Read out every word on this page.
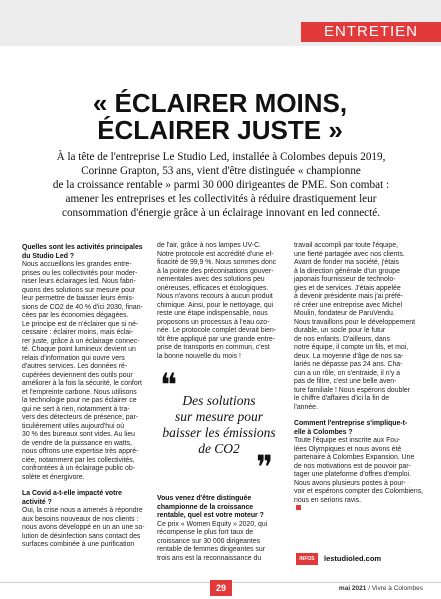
ENTRETIEN
« ÉCLAIRER MOINS,
ÉCLAIRER JUSTE »
À la tête de l'entreprise Le Studio Led, installée à Colombes depuis 2019,
Corinne Grapton, 53 ans, vient d'être distinguée « championne
de la croissance rentable » parmi 30 000 dirigeantes de PME. Son combat :
amener les entreprises et les collectivités à réduire drastiquement leur
consommation d'énergie grâce à un éclairage innovant en led connecté.
Quelles sont les activités principales
du Studio Led ?
Nous accueillons les grandes entre-
prises ou les collectivités pour moder-
niser leurs éclairages led. Nous fabri-
quons des solutions sur mesure pour
leur permettre de baisser leurs émis-
sions de CO2 de 40 % d'ici 2030, finan-
cées par les économies dégagées.
Le principe est de n'éclairer que si né-
cessaire : éclairer moins, mais éclai-
rer juste, grâce à un éclairage connec-
té. Chaque point lumineux devient un
relais d'information qui ouvre vers
d'autres services. Les données ré-
cupérées deviennent des outils pour
améliorer à la fois la sécurité, le confort
et l'empreinte carbone. Nous utilisons
la technologie pour ne pas éclairer ce
qui ne sert à rien, notamment à tra-
vers des détecteurs de présence, par-
ticulièrement utiles aujourd'hui où
30 % des bureaux sont vides. Au lieu
de vendre de la puissance en watts,
nous offrons une expertise très appré-
ciée, notamment par les collectivités,
confrontées à un éclairage public ob-
solète et énergivore.
La Covid a-t-elle impacté votre
activité ?
Oui, la crise nous a amenés à répondre
aux besoins nouveaux de nos clients :
nous avons développé en un an une so-
lution de désinfection sans contact des
surfaces combinée à une purification
de l'air, grâce à nos lampes UV-C.
Notre protocole est accrédité d'une ef-
ficacité de 99,9 %. Nous sommes donc
à la pointe des préconisations gouver-
nementales avec des solutions peu
onéreuses, efficaces et écologiques.
Nous n'avons recours à aucun produit
chimique. Ainsi, pour le nettoyage, qui
reste une étape indispensable, nous
proposons un processus à l'eau ozo-
née. Le protocole complet devrait bien-
tôt être appliqué par une grande entre-
prise de transports en commun, c'est
la bonne nouvelle du mois !
❝ Des solutions
sur mesure pour
baisser les émissions
de CO2
❞
Vous venez d'être distinguée
championne de la croissance
rentable, quel est votre moteur ?
Ce prix « Women Equity » 2020, qui
récompense le plus fort taux de
croissance sur 30 000 dirigeantes
rentable de femmes dirigeantes sur
trois ans est la reconnaissance du
travail accompli par toute l'équipe,
une fierté partagée avec nos clients.
Avant de fonder ma société, j'étais
à la direction générale d'un groupe
japonais fournisseur de technolo-
gies et de services. J'étais appelée
à devenir présidente mais j'ai préfé-
ré créer une entreprise avec Michel
Moulin, fondateur de ParuVendu.
Nous travaillons pour le développement
durable, un socle pour le futur
de nos enfants. D'ailleurs, dans
notre équipe, il compte un fils, et moi,
deux. La moyenne d'âge de nos sa-
lariés ne dépasse pas 24 ans. Cha-
cun a un rôle, on s'entraide, il n'y a
pas de filtre, c'est une belle aven-
ture familiale ! Nous espérons doubler
le chiffre d'affaires d'ici la fin de
l'année.
Comment l'entreprise s'implique-t-
elle à Colombes ?
Toute l'équipe est inscrite aux Fou-
lées Olympiques et nous avons été
partenaire à Colombes Expansion. Une
de nos motivations est de pouvoir par-
tager une plateforme d'offres d'emploi.
Nous avons plusieurs postes à pour-
voir et espérons compter des Colombiens,
nous en serions ravis.
INFOS	lestudioled.com
29	mai 2021 / Vivre à Colombes
